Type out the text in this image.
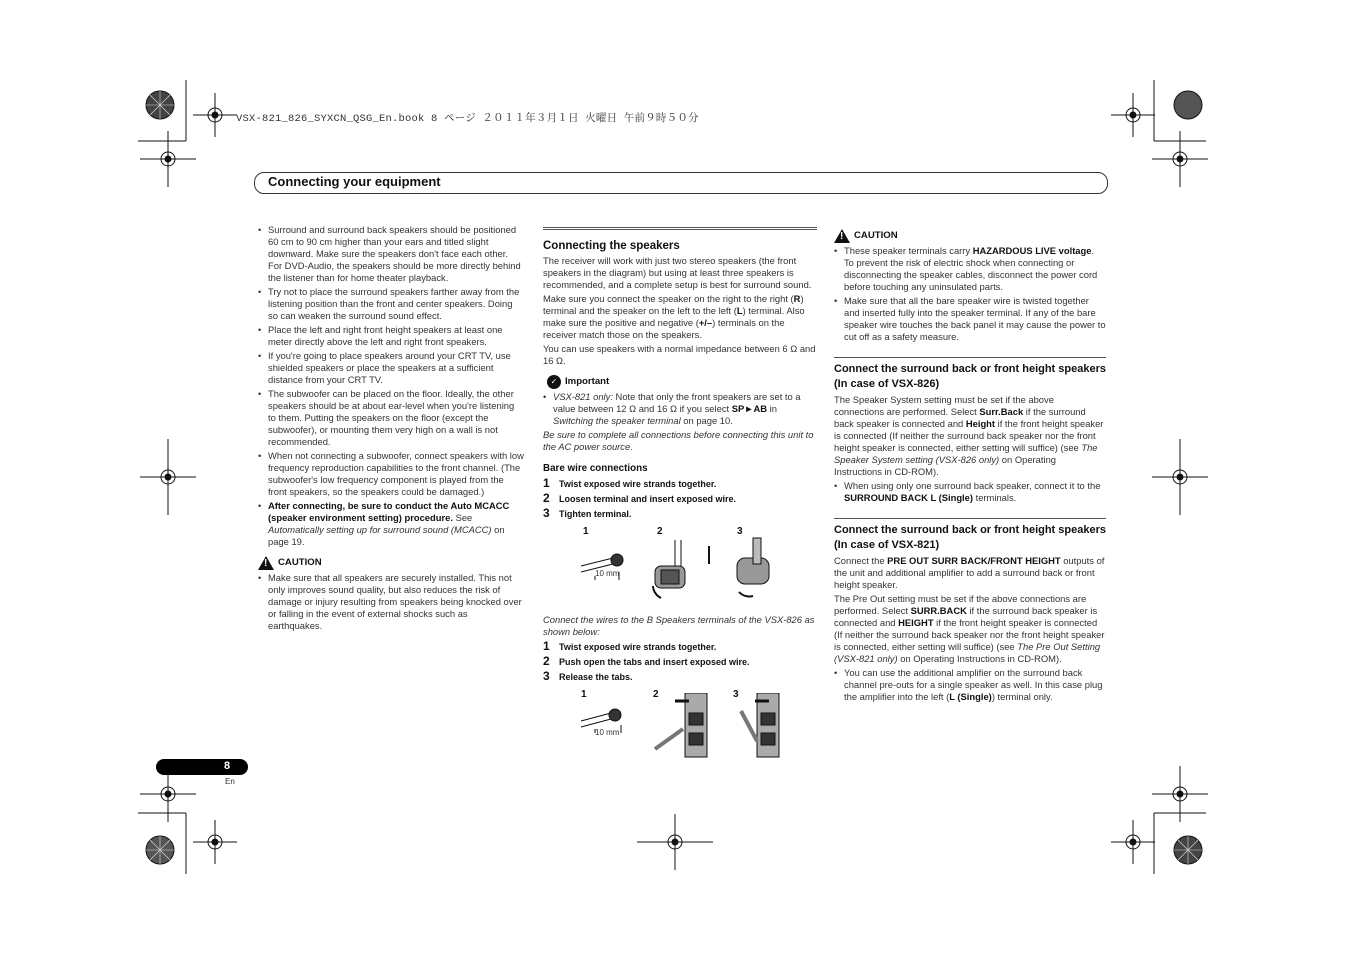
VSX-821_826_SYXCN_QSG_En.book 8 ページ ２０１１年３月１日 火曜日 午前９時５０分
Connecting your equipment
• Surround and surround back speakers should be positioned 60 cm to 90 cm higher than your ears and titled slight downward. Make sure the speakers don't face each other. For DVD-Audio, the speakers should be more directly behind the listener than for home theater playback.
• Try not to place the surround speakers farther away from the listening position than the front and center speakers. Doing so can weaken the surround sound effect.
• Place the left and right front height speakers at least one meter directly above the left and right front speakers.
• If you're going to place speakers around your CRT TV, use shielded speakers or place the speakers at a sufficient distance from your CRT TV.
• The subwoofer can be placed on the floor. Ideally, the other speakers should be at about ear-level when you're listening to them. Putting the speakers on the floor (except the subwoofer), or mounting them very high on a wall is not recommended.
• When not connecting a subwoofer, connect speakers with low frequency reproduction capabilities to the front channel. (The subwoofer's low frequency component is played from the front speakers, so the speakers could be damaged.)
• After connecting, be sure to conduct the Auto MCACC (speaker environment setting) procedure. See Automatically setting up for surround sound (MCACC) on page 19.
!
CAUTION
• Make sure that all speakers are securely installed. This not only improves sound quality, but also reduces the risk of damage or injury resulting from speakers being knocked over or falling in the event of external shocks such as earthquakes.
Connecting the speakers

The receiver will work with just two stereo speakers (the front speakers in the diagram) but using at least three speakers is recommended, and a complete setup is best for surround sound.

Make sure you connect the speaker on the right to the right (R) terminal and the speaker on the left to the left (L) terminal. Also make sure the positive and negative (+/–) terminals on the receiver match those on the speakers.

You can use speakers with a normal impedance between 6 Ω and 16 Ω.

✓ Important
• VSX-821 only: Note that only the front speakers are set to a value between 12 Ω and 16 Ω if you select SP►AB in Switching the speaker terminal on page 10.

Be sure to complete all connections before connecting this unit to the AC power source.

Bare wire connections
1	Twist exposed wire strands together.
2	Loosen terminal and insert exposed wire.
3	Tighten terminal.
1	2	3
10 mm

Connect the wires to the B Speakers terminals of the VSX-826 as shown below:

1	Twist exposed wire strands together.
2	Push open the tabs and insert exposed wire.
3	Release the tabs.
1	2	3
10 mm
!
CAUTION
• These speaker terminals carry HAZARDOUS LIVE voltage. To prevent the risk of electric shock when connecting or disconnecting the speaker cables, disconnect the power cord before touching any uninsulated parts.
• Make sure that all the bare speaker wire is twisted together and inserted fully into the speaker terminal. If any of the bare speaker wire touches the back panel it may cause the power to cut off as a safety measure.
Connect the surround back or front height speakers (In case of VSX-826)

The Speaker System setting must be set if the above connections are performed. Select Surr.Back if the surround back speaker is connected and Height if the front height speaker is connected (If neither the surround back speaker nor the front height speaker is connected, either setting will suffice) (see The Speaker System setting (VSX-826 only) on Operating Instructions in CD-ROM).

• When using only one surround back speaker, connect it to the SURROUND BACK L (Single) terminals.
Connect the surround back or front height speakers (In case of VSX-821)

Connect the PRE OUT SURR BACK/FRONT HEIGHT outputs of the unit and additional amplifier to add a surround back or front height speaker.

The Pre Out setting must be set if the above connections are performed. Select SURR.BACK if the surround back speaker is connected and HEIGHT if the front height speaker is connected (If neither the surround back speaker nor the front height speaker is connected, either setting will suffice) (see The Pre Out Setting (VSX-821 only) on Operating Instructions in CD-ROM).

• You can use the additional amplifier on the surround back channel pre-outs for a single speaker as well. In this case plug the amplifier into the left (L (Single)) terminal only.
8
En
